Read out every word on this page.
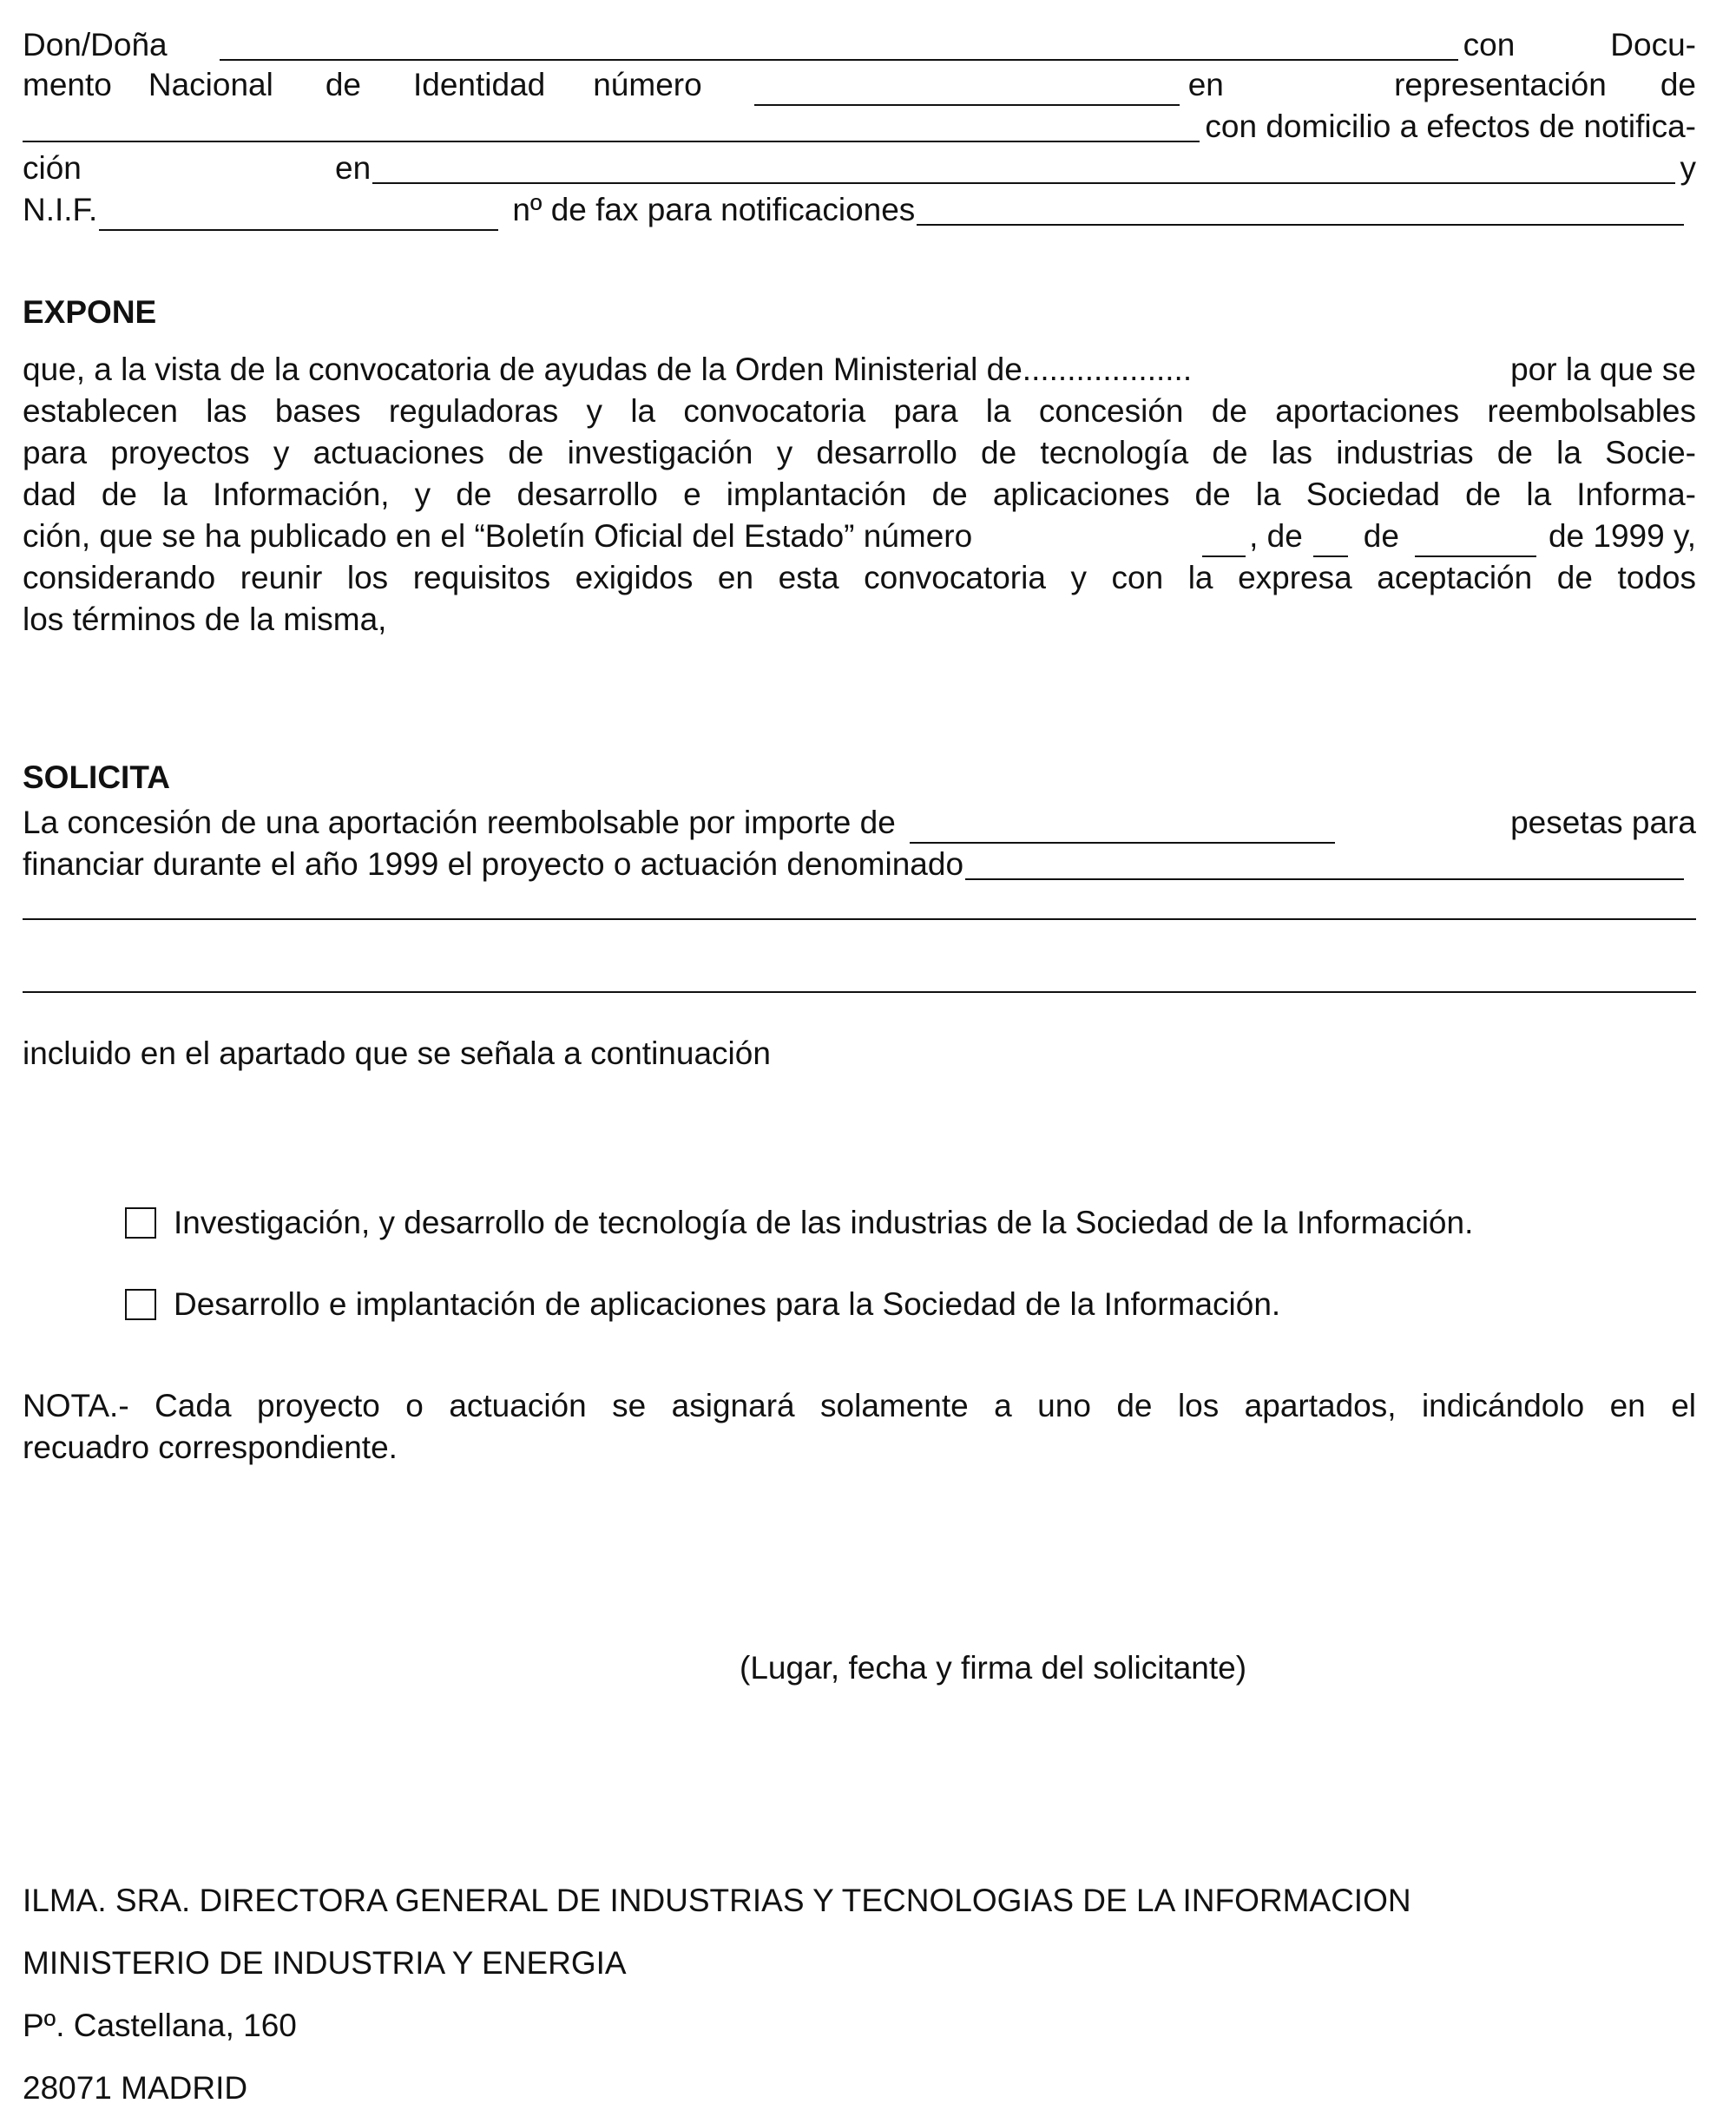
Don/Doña	con	Docu-
mento Nacional de Identidad número	en	representación de
con domicilio a efectos de notifica-
ción	en	y
N.I.F.	nº de fax para notificaciones
EXPONE
que, a la vista de la convocatoria de ayudas de la Orden Ministerial de...................	por la que se
establecen las bases reguladoras y la convocatoria para la concesión de aportaciones reembolsables
para proyectos y actuaciones de investigación y desarrollo de tecnología de las industrias de la Socie-
dad de la Información, y de desarrollo e implantación de aplicaciones de la Sociedad de la Informa-
ción, que se ha publicado en el “Boletín Oficial del Estado” número	, de de	de 1999 y,
considerando reunir los requisitos exigidos en esta convocatoria y con la expresa aceptación de todos
los términos de la misma,
SOLICITA
La concesión de una aportación reembolsable por importe de	pesetas para
financiar durante el año 1999 el proyecto o actuación denominado
incluido en el apartado que se señala a continuación
Investigación, y desarrollo de tecnología de las industrias de la Sociedad de la Información.
Desarrollo e implantación de aplicaciones para la Sociedad de la Información.
NOTA.- Cada proyecto o actuación se asignará solamente a uno de los apartados, indicándolo en el
recuadro correspondiente.
(Lugar, fecha y firma del solicitante)
ILMA. SRA. DIRECTORA GENERAL DE INDUSTRIAS Y TECNOLOGIAS DE LA INFORMACION
MINISTERIO DE INDUSTRIA Y ENERGIA
Pº. Castellana, 160
28071 MADRID
